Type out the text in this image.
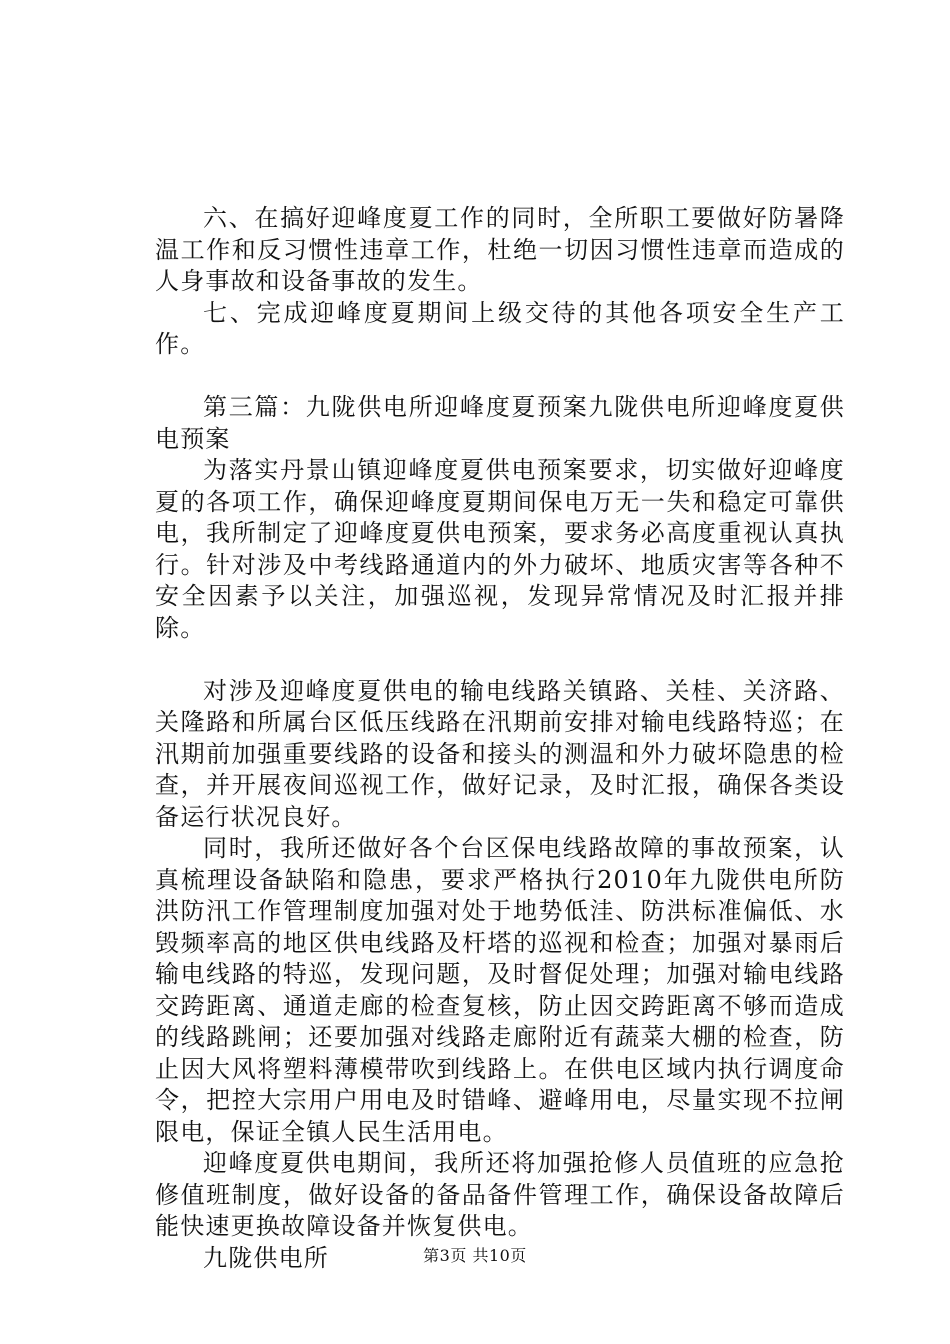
六、在搞好迎峰度夏工作的同时，全所职工要做好防暑降温工作和反习惯性违章工作，杜绝一切因习惯性违章而造成的人身事故和设备事故的发生。

七、完成迎峰度夏期间上级交待的其他各项安全生产工作。

第三篇：九陇供电所迎峰度夏预案九陇供电所迎峰度夏供电预案

为落实丹景山镇迎峰度夏供电预案要求，切实做好迎峰度夏的各项工作，确保迎峰度夏期间保电万无一失和稳定可靠供电，我所制定了迎峰度夏供电预案，要求务必高度重视认真执行。针对涉及中考线路通道内的外力破坏、地质灾害等各种不安全因素予以关注，加强巡视，发现异常情况及时汇报并排除。

对涉及迎峰度夏供电的输电线路关镇路、关桂、关济路、关隆路和所属台区低压线路在汛期前安排对输电线路特巡；在汛期前加强重要线路的设备和接头的测温和外力破坏隐患的检查，并开展夜间巡视工作，做好记录，及时汇报，确保各类设备运行状况良好。

同时，我所还做好各个台区保电线路故障的事故预案，认真梳理设备缺陷和隐患，要求严格执行2010年九陇供电所防洪防汛工作管理制度加强对处于地势低洼、防洪标准偏低、水毁频率高的地区供电线路及杆塔的巡视和检查；加强对暴雨后输电线路的特巡，发现问题，及时督促处理；加强对输电线路交跨距离、通道走廊的检查复核，防止因交跨距离不够而造成的线路跳闸；还要加强对线路走廊附近有蔬菜大棚的检查，防止因大风将塑料薄模带吹到线路上。在供电区域内执行调度命令，把控大宗用户用电及时错峰、避峰用电，尽量实现不拉闸限电，保证全镇人民生活用电。

迎峰度夏供电期间，我所还将加强抢修人员值班的应急抢修值班制度，做好设备的备品备件管理工作，确保设备故障后能快速更换故障设备并恢复供电。

九陇供电所	第3页 共10页
